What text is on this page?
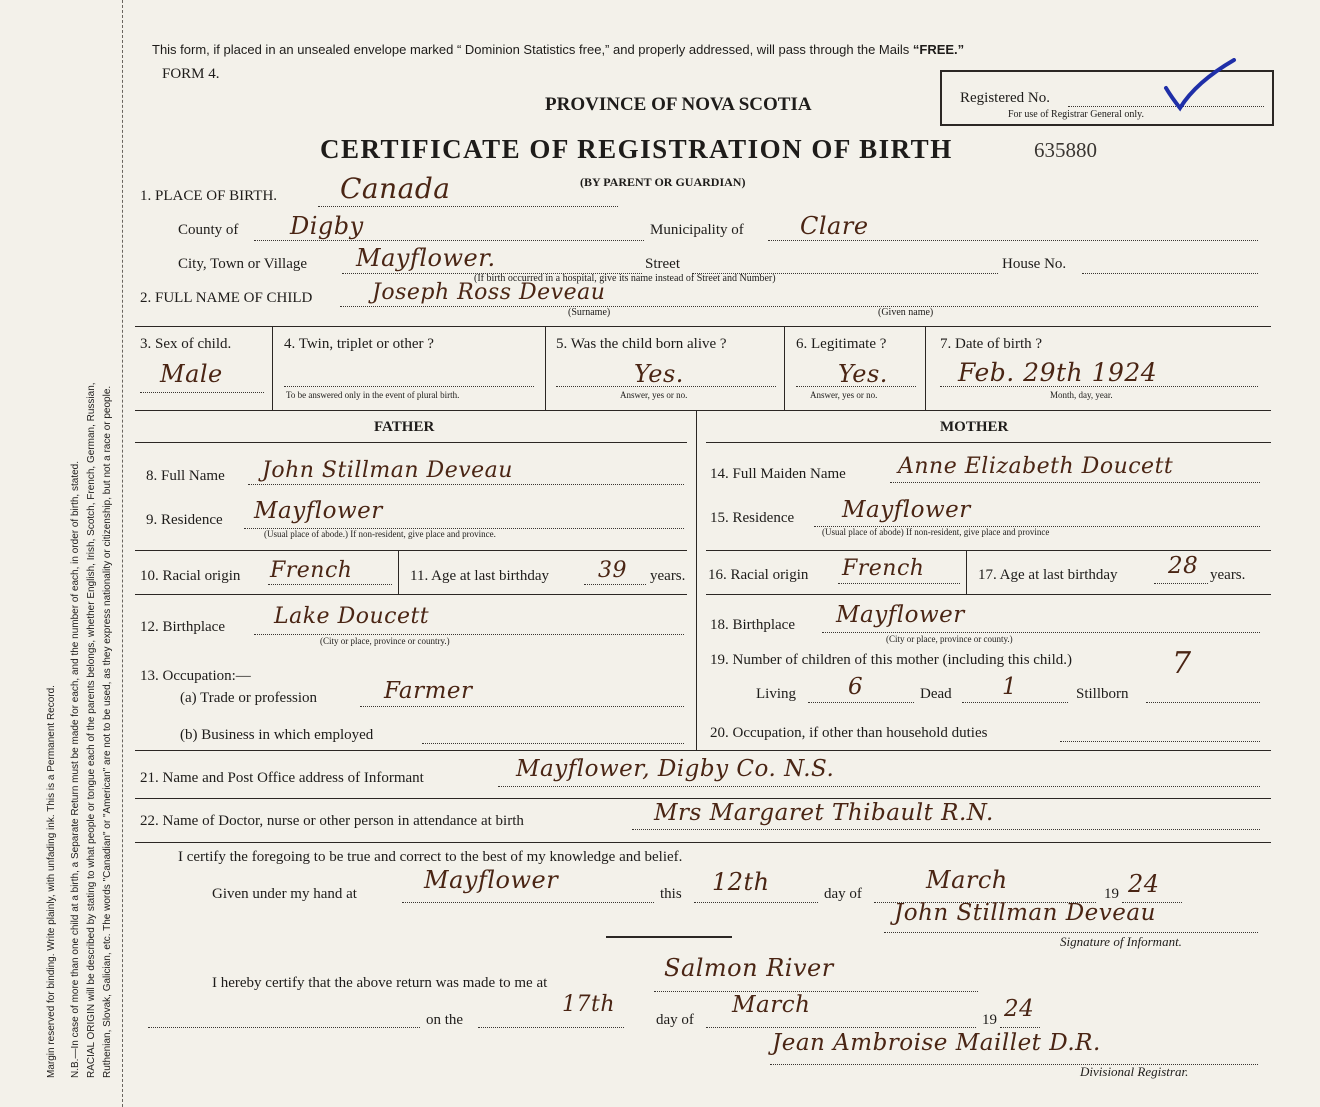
Margin reserved for binding. Write plainly, with unfading ink. This is a Permanent Record. N.B.—In case of more than one child at a birth, a Separate Return must be made for each, and the number of each, in order of birth, stated. RACIAL ORIGIN will be described by stating to what people or tongue each of the parents belongs, whether English, Irish, Scotch, French, German, Russian, Ruthenian, Slovak, Galician, etc. The words "Canadian" or "American" are not to be used, as they express nationality or citizenship, but not a race or people.
This form, if placed in an unsealed envelope marked “ Dominion Statistics free,” and properly addressed, will pass through the Mails “FREE.”
FORM 4.
Registered No.
For use of Registrar General only.
PROVINCE OF NOVA SCOTIA
CERTIFICATE OF REGISTRATION OF BIRTH	635880
(BY PARENT OR GUARDIAN)
1. PLACE OF BIRTH. Canada
County of Digby	Municipality of Clare
City, Town or Village Mayflower.	Street	House No.
(If birth occurred in a hospital, give its name instead of Street and Number)
2. FULL NAME OF CHILD	Joseph Ross Deveau
(Surname)	(Given name)
3. Sex of child.
Male
4. Twin, triplet or other ?
To be answered only in the event of plural birth.
5. Was the child born alive ?
Yes.
Answer, yes or no.
6. Legitimate ?
Yes.
Answer, yes or no.
7. Date of birth ?
Feb. 29th 1924
Month, day, year.
FATHER	MOTHER
8. Full Name John Stillman Deveau
9. Residence Mayflower
(Usual place of abode.) If non-resident, give place and province.
10. Racial origin French	11. Age at last birthday 39 years.
12. Birthplace Lake Doucett
(City or place, province or country.)
13. Occupation:—
(a) Trade or profession	Farmer
(b) Business in which employed
14. Full Maiden Name Anne Elizabeth Doucett
15. Residence Mayflower
(Usual place of abode) If non-resident, give place and province
16. Racial origin French	17. Age at last birthday 28 years.
18. Birthplace Mayflower
(City or place, province or county.)
19. Number of children of this mother (including this child.)	7
Living 6	Dead 1	Stillborn
20. Occupation, if other than household duties
21. Name and Post Office address of Informant	Mayflower, Digby Co. N.S.
22. Name of Doctor, nurse or other person in attendance at birth	Mrs Margaret Thibault R.N.
I certify the foregoing to be true and correct to the best of my knowledge and belief.
Given under my hand at	Mayflower	this 12th	day of	March	19 24
John Stillman Deveau
Signature of Informant.
I hereby certify that the above return was made to me at
Salmon River
on the
17th
day of
March
19 24
Jean Ambroise Maillet D.R.
Divisional Registrar.
